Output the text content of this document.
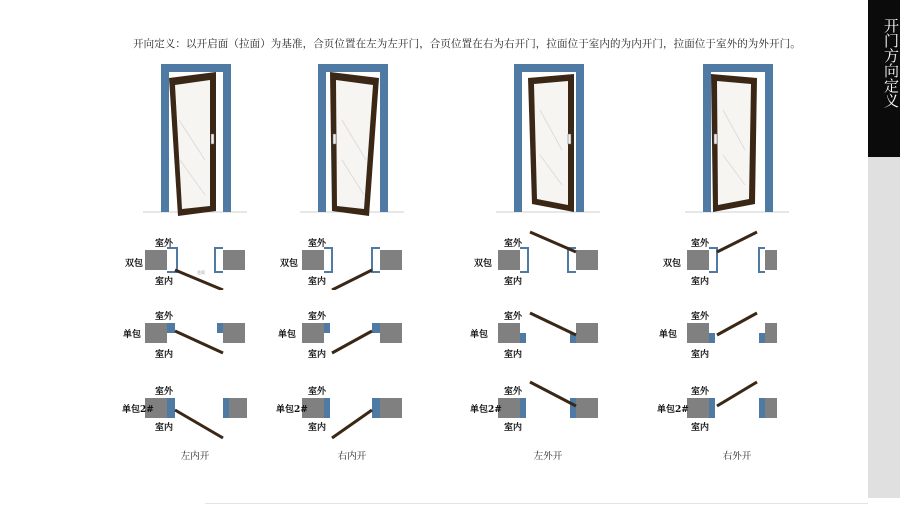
开向定义：以开启面（拉面）为基准，合页位置在左为左开门，合页位置在右为右开门，拉面位于室内的为内开门，拉面位于室外的为外开门。	开门方向定义
合页
室外
室内
双包
室外
室内
单包
室外
室内
单包2#
左内开
室外
室内
双包
室外
室内
单包
室外
室内
单包2#
右内开
室外
室内
双包
室外
室内
单包
室外
室内
单包2#
左外开
室外
室内
双包
室外
室内
单包
室外
室内
单包2#
右外开
